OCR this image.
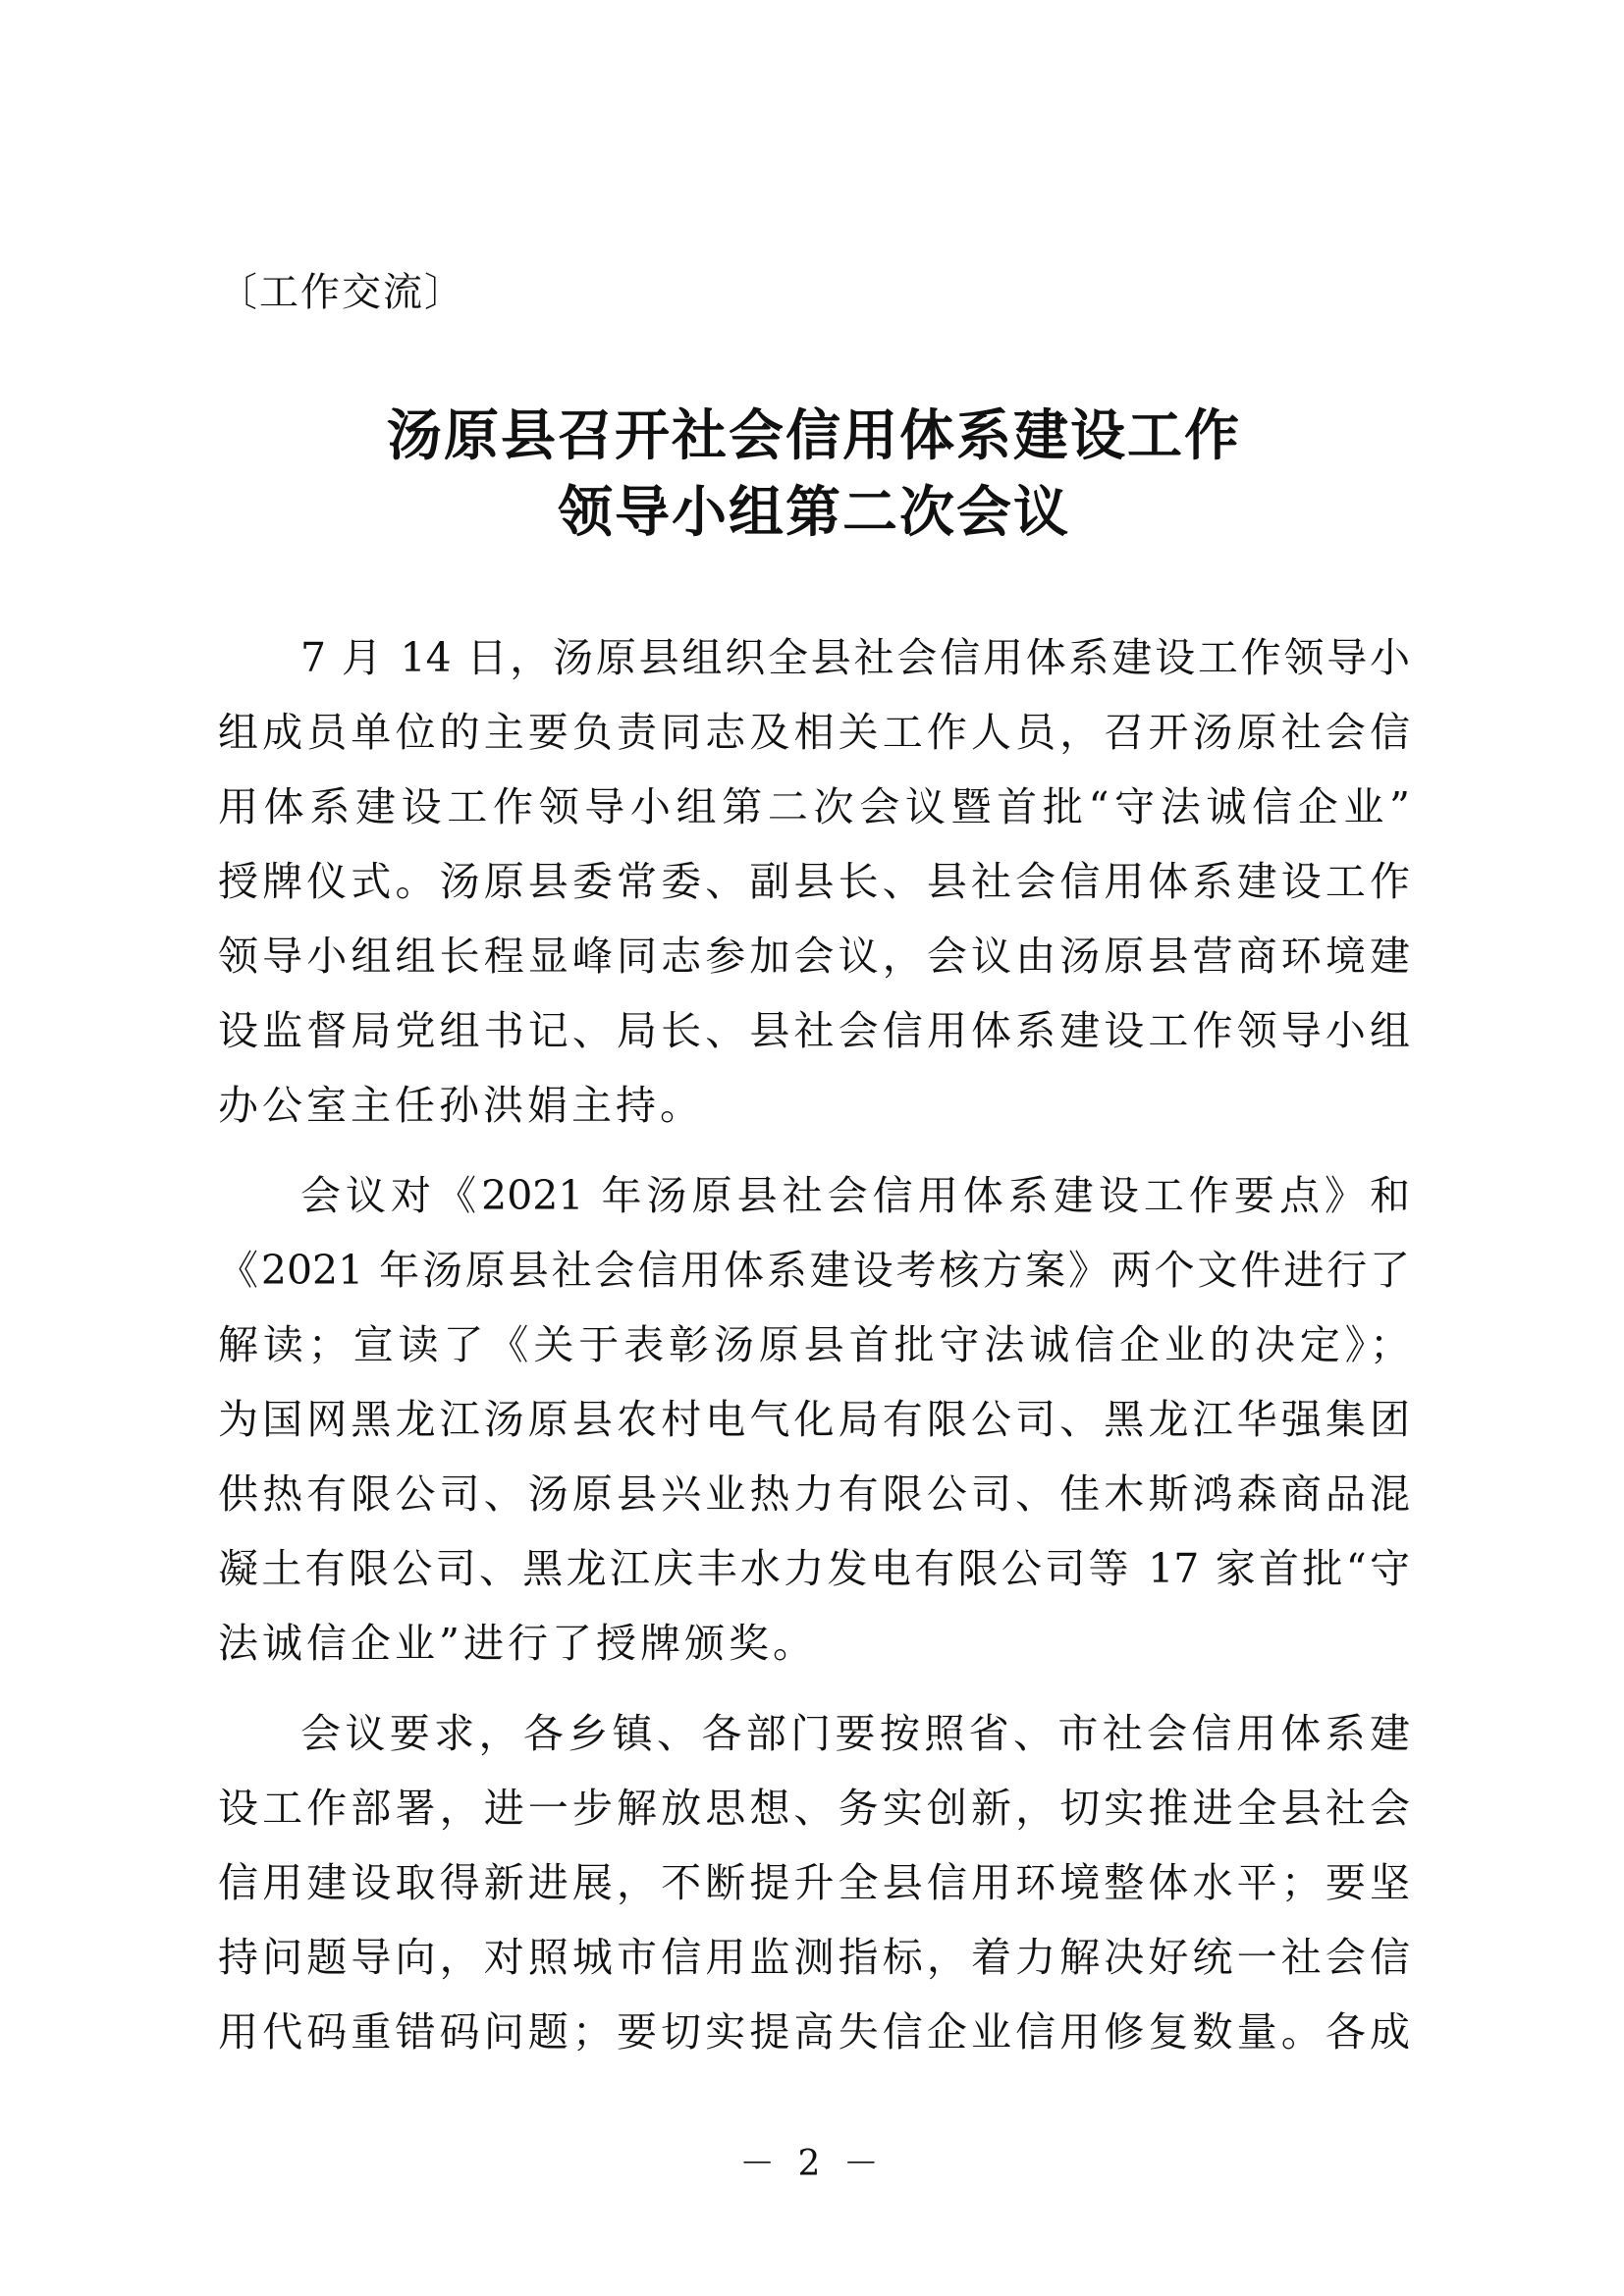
〔工作交流〕
汤原县召开社会信用体系建设工作
领导小组第二次会议
7 月 14 日，汤原县组织全县社会信用体系建设工作领导小
组成员单位的主要负责同志及相关工作人员，召开汤原社会信
用体系建设工作领导小组第二次会议暨首批“守法诚信企业”
授牌仪式。汤原县委常委、副县长、县社会信用体系建设工作
领导小组组长程显峰同志参加会议，会议由汤原县营商环境建
设监督局党组书记、局长、县社会信用体系建设工作领导小组
办公室主任孙洪娟主持。
会议对《2021 年汤原县社会信用体系建设工作要点》和
《2021 年汤原县社会信用体系建设考核方案》两个文件进行了
解读；宣读了《关于表彰汤原县首批守法诚信企业的决定》；
为国网黑龙江汤原县农村电气化局有限公司、黑龙江华强集团
供热有限公司、汤原县兴业热力有限公司、佳木斯鸿森商品混
凝土有限公司、黑龙江庆丰水力发电有限公司等 17 家首批“守
法诚信企业”进行了授牌颁奖。
会议要求，各乡镇、各部门要按照省、市社会信用体系建
设工作部署，进一步解放思想、务实创新，切实推进全县社会
信用建设取得新进展，不断提升全县信用环境整体水平；要坚
持问题导向，对照城市信用监测指标，着力解决好统一社会信
用代码重错码问题；要切实提高失信企业信用修复数量。各成
－ 2 －
